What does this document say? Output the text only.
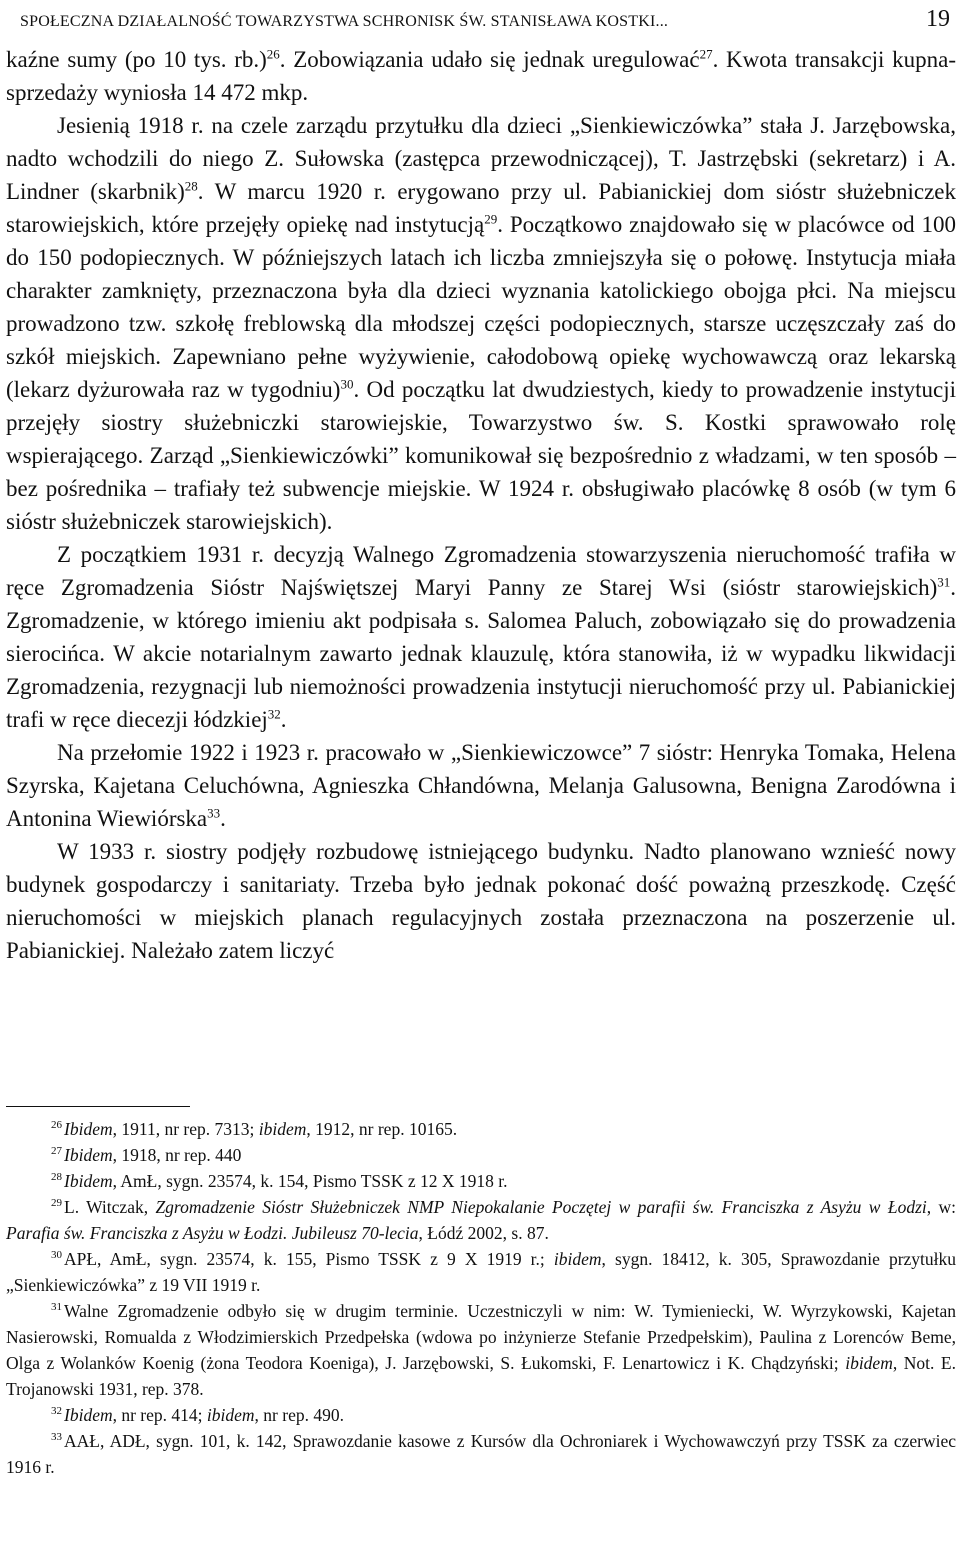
SPOŁECZNA DZIAŁALNOŚĆ TOWARZYSTWA SCHRONISK ŚW. STANISŁAWA KOSTKI...	19

kaźne sumy (po 10 tys. rb.)$^{26}$. Zobowiązania udało się jednak uregulować$^{27}$. Kwota transakcji kupna-sprzedaży wyniosła 14 472 mkp.

Jesienią 1918 r. na czele zarządu przytułku dla dzieci „Sienkiewiczówka” stała J. Jarzębowska, nadto wchodzili do niego Z. Sułowska (zastępca przewodniczącej), T. Jastrzębski (sekretarz) i A. Lindner (skarbnik)$^{28}$. W marcu 1920 r. erygowano przy ul. Pabianickiej dom sióstr służebniczek starowiejskich, które przejęły opiekę nad instytucją$^{29}$. Początkowo znajdowało się w placówce od 100 do 150 podopiecznych. W późniejszych latach ich liczba zmniejszyła się o połowę. Instytucja miała charakter zamknięty, przeznaczona była dla dzieci wyznania katolickiego obojga płci. Na miejscu prowadzono tzw. szkołę freblowską dla młodszej części podopiecznych, starsze uczęszczały zaś do szkół miejskich. Zapewniano pełne wyżywienie, całodobową opiekę wychowawczą oraz lekarską (lekarz dyżurowała raz w tygodniu)$^{30}$. Od początku lat dwudziestych, kiedy to prowadzenie instytucji przejęły siostry służebniczki starowiejskie, Towarzystwo św. S. Kostki sprawowało rolę wspierającego. Zarząd „Sienkiewiczówki” komunikował się bezpośrednio z władzami, w ten sposób – bez pośrednika – trafiały też subwencje miejskie. W 1924 r. obsługiwało placówkę 8 osób (w tym 6 sióstr służebniczek starowiejskich).

Z początkiem 1931 r. decyzją Walnego Zgromadzenia stowarzyszenia nieruchomość trafiła w ręce Zgromadzenia Sióstr Najświętszej Maryi Panny ze Starej Wsi (sióstr starowiejskich)$^{31}$. Zgromadzenie, w którego imieniu akt podpisała s. Salomea Paluch, zobowiązało się do prowadzenia sierocińca. W akcie notarialnym zawarto jednak klauzulę, która stanowiła, iż w wypadku likwidacji Zgromadzenia, rezygnacji lub niemożności prowadzenia instytucji nieruchomość przy ul. Pabianickiej trafi w ręce diecezji łódzkiej$^{32}$.

Na przełomie 1922 i 1923 r. pracowało w „Sienkiewiczowce” 7 sióstr: Henryka Tomaka, Helena Szyrska, Kajetana Celuchówna, Agnieszka Chłandówna, Melanja Galusowna, Benigna Zarodówna i Antonina Wiewiórska$^{33}$.

W 1933 r. siostry podjęły rozbudowę istniejącego budynku. Nadto planowano wznieść nowy budynek gospodarczy i sanitariaty. Trzeba było jednak pokonać dość poważną przeszkodę. Część nieruchomości w miejskich planach regulacyjnych została przeznaczona na poszerzenie ul. Pabianickiej. Należało zatem liczyć

$^{26}$ Ibidem, 1911, nr rep. 7313; ibidem, 1912, nr rep. 10165.

$^{27}$ Ibidem, 1918, nr rep. 440

$^{28}$ Ibidem, AmŁ, sygn. 23574, k. 154, Pismo TSSK z 12 X 1918 r.

$^{29}$ L. Witczak, Zgromadzenie Sióstr Służebniczek NMP Niepokalanie Poczętej w parafii św. Franciszka z Asyżu w Łodzi, w: Parafia św. Franciszka z Asyżu w Łodzi. Jubileusz 70-lecia, Łódź 2002, s. 87.

$^{30}$ APŁ, AmŁ, sygn. 23574, k. 155, Pismo TSSK z 9 X 1919 r.; ibidem, sygn. 18412, k. 305, Sprawozdanie przytułku „Sienkiewiczówka” z 19 VII 1919 r.

$^{31}$ Walne Zgromadzenie odbyło się w drugim terminie. Uczestniczyli w nim: W. Tymieniecki, W. Wyrzykowski, Kajetan Nasierowski, Romualda z Włodzimierskich Przedpełska (wdowa po inżynierze Stefanie Przedpełskim), Paulina z Lorenców Beme, Olga z Wolanków Koenig (żona Teodora Koeniga), J. Jarzębowski, S. Łukomski, F. Lenartowicz i K. Chądzyński; ibidem, Not. E. Trojanowski 1931, rep. 378.

$^{32}$ Ibidem, nr rep. 414; ibidem, nr rep. 490.

$^{33}$ AAŁ, ADŁ, sygn. 101, k. 142, Sprawozdanie kasowe z Kursów dla Ochroniarek i Wychowawczyń przy TSSK za czerwiec 1916 r.
